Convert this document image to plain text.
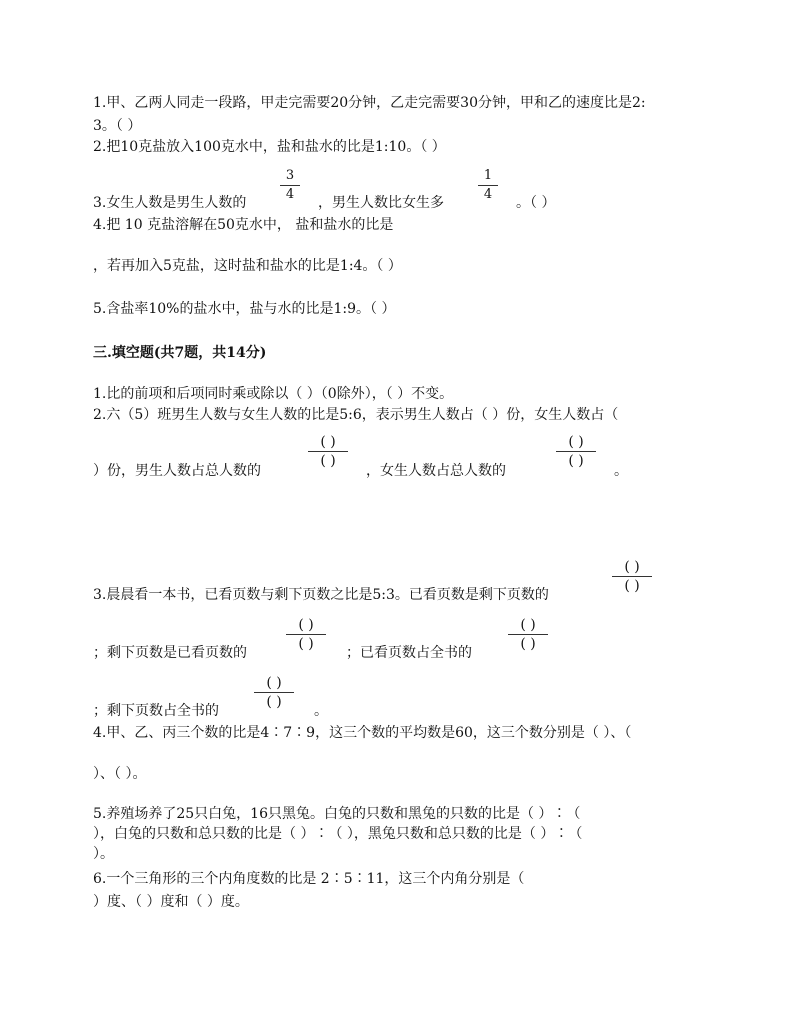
1.甲、乙两人同走一段路，甲走完需要20分钟，乙走完需要30分钟，甲和乙的速度比是2:
3。（ ）
2.把10克盐放入100克水中，盐和盐水的比是1:10。（ ）
3.女生人数是男生人数的
3
4
，男生人数比女生多
1
4
。（ ）
4.把 10 克盐溶解在50克水中， 盐和盐水的比是
，若再加入5克盐，这时盐和盐水的比是1:4。（ ）
5.含盐率10%的盐水中，盐与水的比是1:9。（ ）
三.填空题(共7题，共14分)
1.比的前项和后项同时乘或除以（ ）（0除外），（ ）不变。
2.六（5）班男生人数与女生人数的比是5:6，表示男生人数占（ ）份，女生人数占（
）份，男生人数占总人数的
( )
( )
，女生人数占总人数的
( )
( )
。
3.晨晨看一本书，已看页数与剩下页数之比是5:3。已看页数是剩下页数的
( )
( )
；剩下页数是已看页数的
( )
( )
；已看页数占全书的
( )
( )
；剩下页数占全书的
( )
( )
。
4.甲、乙、丙三个数的比是4∶7∶9，这三个数的平均数是60，这三个数分别是（ ）、（
）、（ ）。
5.养殖场养了25只白兔，16只黑兔。白兔的只数和黑兔的只数的比是（ ）∶（
），白兔的只数和总只数的比是（ ）∶（ ），黑兔只数和总只数的比是（ ）∶（
）。
6.一个三角形的三个内角度数的比是 2∶5∶11，这三个内角分别是（
）度、（ ）度和（ ）度。
